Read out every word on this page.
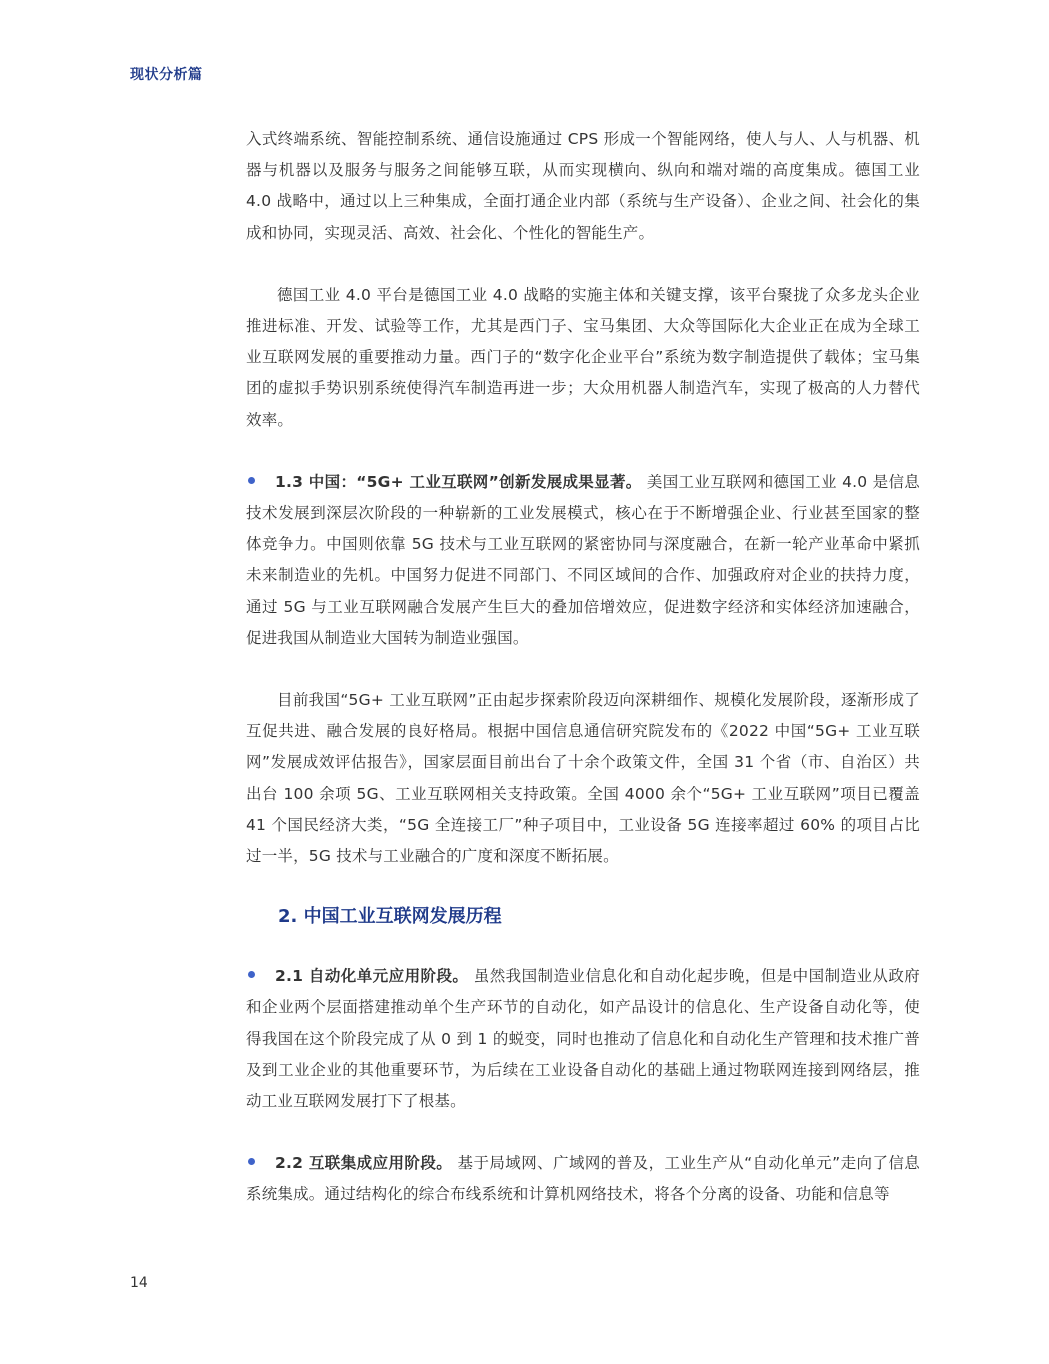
现状分析篇

入式终端系统、智能控制系统、通信设施通过 CPS 形成一个智能网络，使人与人、人与机器、机器与机器以及服务与服务之间能够互联，从而实现横向、纵向和端对端的高度集成。德国工业 4.0 战略中，通过以上三种集成，全面打通企业内部（系统与生产设备）、企业之间、社会化的集成和协同，实现灵活、高效、社会化、个性化的智能生产。

德国工业 4.0 平台是德国工业 4.0 战略的实施主体和关键支撑，该平台聚拢了众多龙头企业推进标准、开发、试验等工作，尤其是西门子、宝马集团、大众等国际化大企业正在成为全球工业互联网发展的重要推动力量。西门子的“数字化企业平台”系统为数字制造提供了载体；宝马集团的虚拟手势识别系统使得汽车制造再进一步；大众用机器人制造汽车，实现了极高的人力替代效率。

1.3 中国：“5G+ 工业互联网”创新发展成果显著。 美国工业互联网和德国工业 4.0 是信息技术发展到深层次阶段的一种崭新的工业发展模式，核心在于不断增强企业、行业甚至国家的整体竞争力。中国则依靠 5G 技术与工业互联网的紧密协同与深度融合，在新一轮产业革命中紧抓未来制造业的先机。中国努力促进不同部门、不同区域间的合作、加强政府对企业的扶持力度，通过 5G 与工业互联网融合发展产生巨大的叠加倍增效应，促进数字经济和实体经济加速融合，促进我国从制造业大国转为制造业强国。

目前我国“5G+ 工业互联网”正由起步探索阶段迈向深耕细作、规模化发展阶段，逐渐形成了互促共进、融合发展的良好格局。根据中国信息通信研究院发布的《2022 中国“5G+ 工业互联网”发展成效评估报告》，国家层面目前出台了十余个政策文件，全国 31 个省（市、自治区）共出台 100 余项 5G、工业互联网相关支持政策。全国 4000 余个“5G+ 工业互联网”项目已覆盖 41 个国民经济大类，“5G 全连接工厂”种子项目中，工业设备 5G 连接率超过 60% 的项目占比过一半，5G 技术与工业融合的广度和深度不断拓展。

2. 中国工业互联网发展历程

2.1 自动化单元应用阶段。 虽然我国制造业信息化和自动化起步晚，但是中国制造业从政府和企业两个层面搭建推动单个生产环节的自动化，如产品设计的信息化、生产设备自动化等，使得我国在这个阶段完成了从 0 到 1 的蜕变，同时也推动了信息化和自动化生产管理和技术推广普及到工业企业的其他重要环节，为后续在工业设备自动化的基础上通过物联网连接到网络层，推动工业互联网发展打下了根基。

2.2 互联集成应用阶段。 基于局域网、广域网的普及，工业生产从“自动化单元”走向了信息系统集成。通过结构化的综合布线系统和计算机网络技术，将各个分离的设备、功能和信息等

14
